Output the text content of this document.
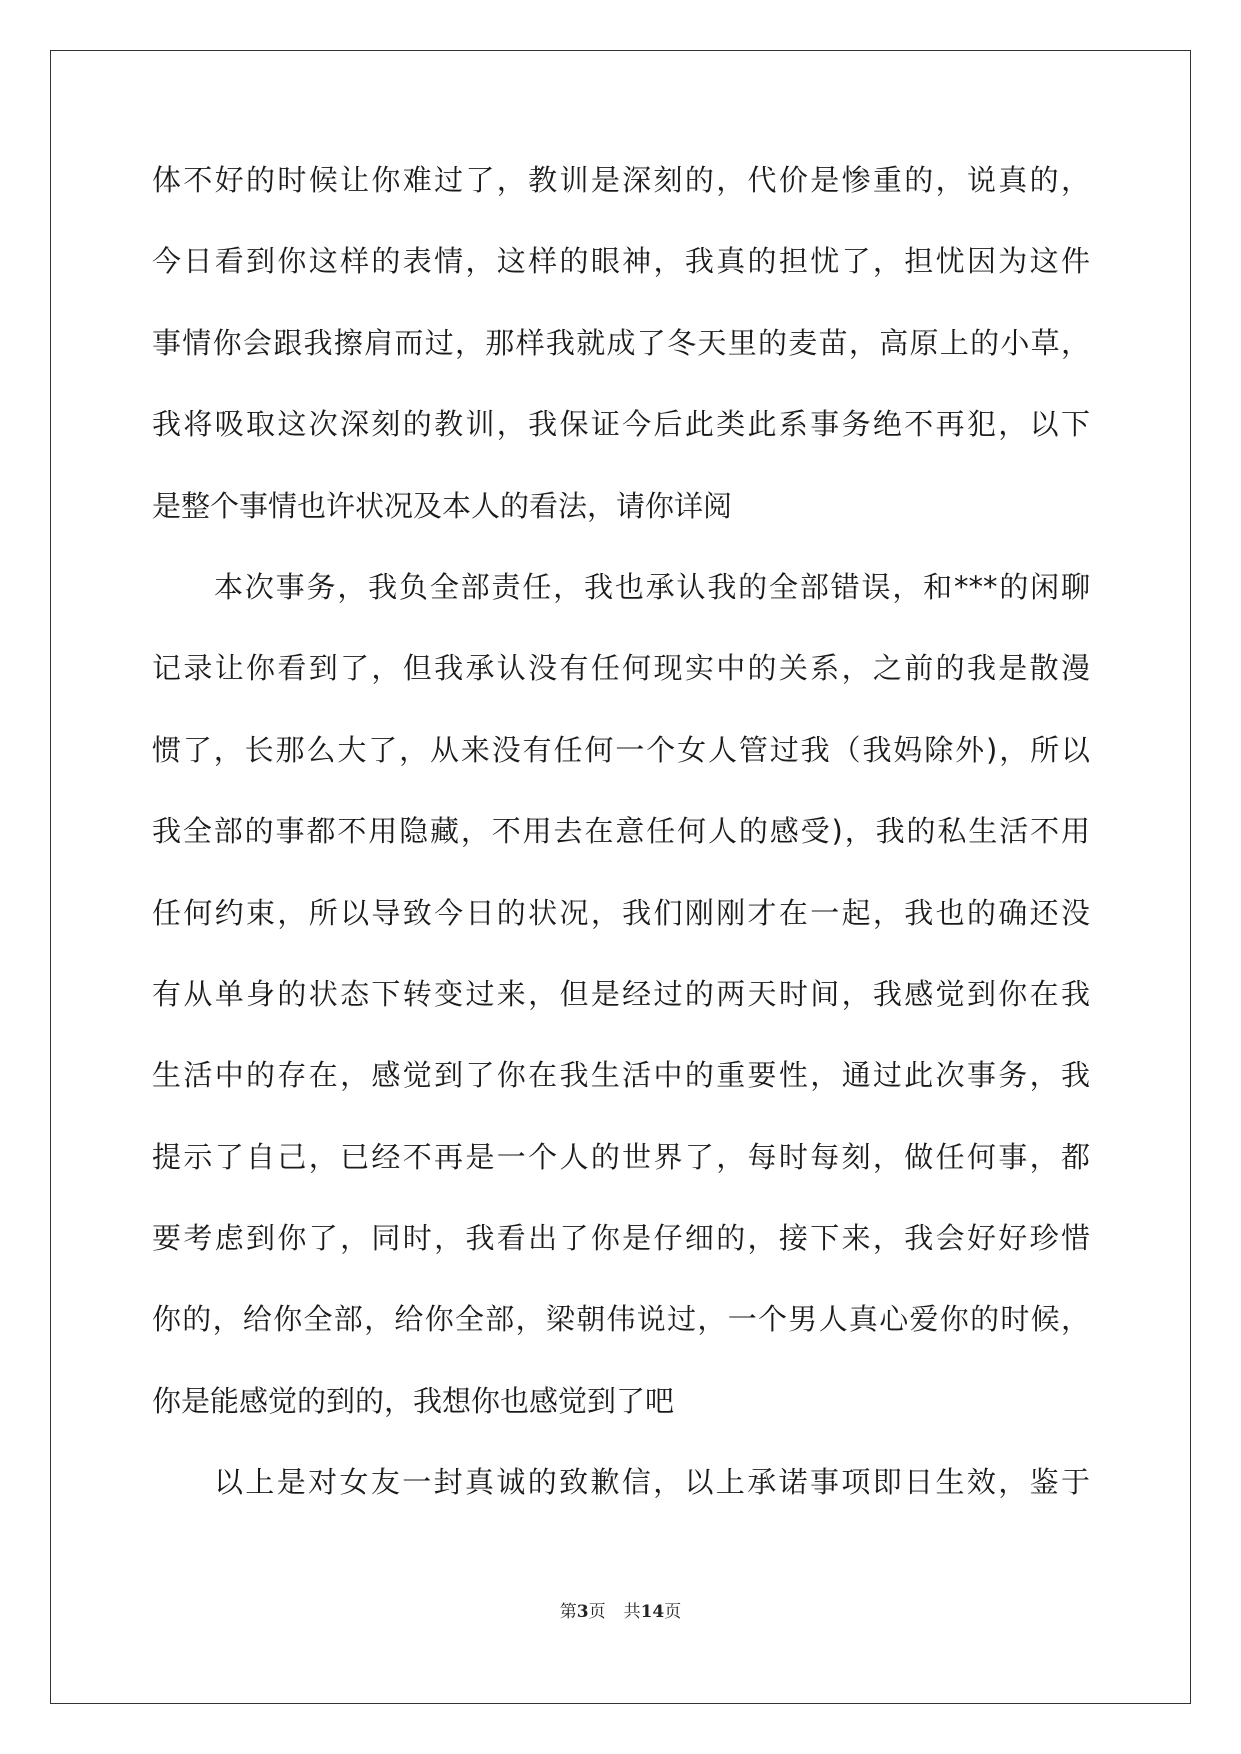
体不好的时候让你难过了，教训是深刻的，代价是惨重的，说真的，
今日看到你这样的表情，这样的眼神，我真的担忧了，担忧因为这件
事情你会跟我擦肩而过，那样我就成了冬天里的麦苗，高原上的小草，
我将吸取这次深刻的教训，我保证今后此类此系事务绝不再犯，以下
是整个事情也许状况及本人的看法，请你详阅
本次事务，我负全部责任，我也承认我的全部错误，和***的闲聊
记录让你看到了，但我承认没有任何现实中的关系，之前的我是散漫
惯了，长那么大了，从来没有任何一个女人管过我（我妈除外)，所以
我全部的事都不用隐藏，不用去在意任何人的感受)，我的私生活不用
任何约束，所以导致今日的状况，我们刚刚才在一起，我也的确还没
有从单身的状态下转变过来，但是经过的两天时间，我感觉到你在我
生活中的存在，感觉到了你在我生活中的重要性，通过此次事务，我
提示了自己，已经不再是一个人的世界了，每时每刻，做任何事，都
要考虑到你了，同时，我看出了你是仔细的，接下来，我会好好珍惜
你的，给你全部，给你全部，梁朝伟说过，一个男人真心爱你的时候，
你是能感觉的到的，我想你也感觉到了吧
以上是对女友一封真诚的致歉信，以上承诺事项即日生效，鉴于
第3页 共14页
